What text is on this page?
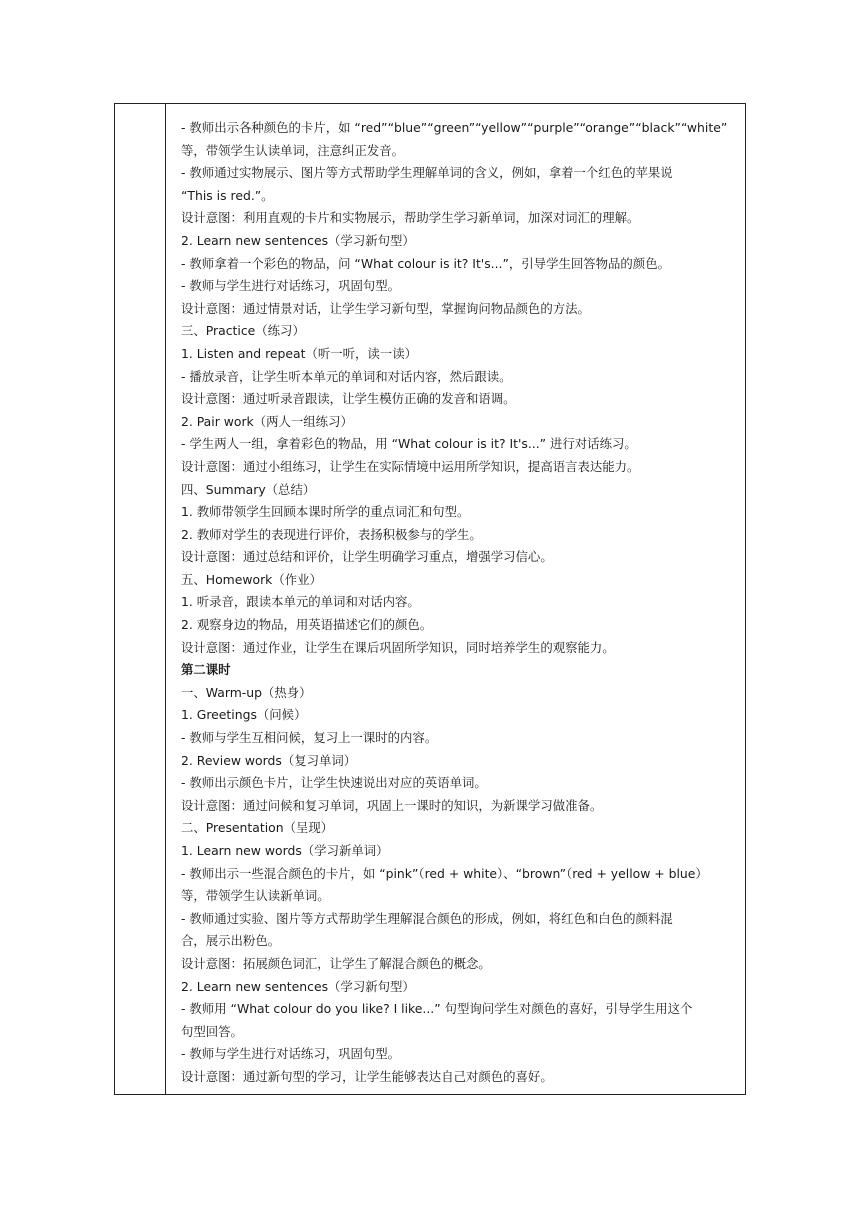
- 教师出示各种颜色的卡片，如 “red”“blue”“green”“yellow”“purple”“orange”“black”“white”
等，带领学生认读单词，注意纠正发音。
- 教师通过实物展示、图片等方式帮助学生理解单词的含义，例如，拿着一个红色的苹果说
“This is red.”。
设计意图：利用直观的卡片和实物展示，帮助学生学习新单词，加深对词汇的理解。
2. Learn new sentences（学习新句型）
- 教师拿着一个彩色的物品，问 “What colour is it? It's...”，引导学生回答物品的颜色。
- 教师与学生进行对话练习，巩固句型。
设计意图：通过情景对话，让学生学习新句型，掌握询问物品颜色的方法。
三、Practice（练习）
1. Listen and repeat（听一听，读一读）
- 播放录音，让学生听本单元的单词和对话内容，然后跟读。
设计意图：通过听录音跟读，让学生模仿正确的发音和语调。
2. Pair work（两人一组练习）
- 学生两人一组，拿着彩色的物品，用 “What colour is it? It's...” 进行对话练习。
设计意图：通过小组练习，让学生在实际情境中运用所学知识，提高语言表达能力。
四、Summary（总结）
1. 教师带领学生回顾本课时所学的重点词汇和句型。
2. 教师对学生的表现进行评价，表扬积极参与的学生。
设计意图：通过总结和评价，让学生明确学习重点，增强学习信心。
五、Homework（作业）
1. 听录音，跟读本单元的单词和对话内容。
2. 观察身边的物品，用英语描述它们的颜色。
设计意图：通过作业，让学生在课后巩固所学知识，同时培养学生的观察能力。
第二课时
一、Warm-up（热身）
1. Greetings（问候）
- 教师与学生互相问候，复习上一课时的内容。
2. Review words（复习单词）
- 教师出示颜色卡片，让学生快速说出对应的英语单词。
设计意图：通过问候和复习单词，巩固上一课时的知识，为新课学习做准备。
二、Presentation（呈现）
1. Learn new words（学习新单词）
- 教师出示一些混合颜色的卡片，如 “pink”（red + white）、“brown”（red + yellow + blue）
等，带领学生认读新单词。
- 教师通过实验、图片等方式帮助学生理解混合颜色的形成，例如，将红色和白色的颜料混
合，展示出粉色。
设计意图：拓展颜色词汇，让学生了解混合颜色的概念。
2. Learn new sentences（学习新句型）
- 教师用 “What colour do you like? I like...” 句型询问学生对颜色的喜好，引导学生用这个
句型回答。
- 教师与学生进行对话练习，巩固句型。
设计意图：通过新句型的学习，让学生能够表达自己对颜色的喜好。
